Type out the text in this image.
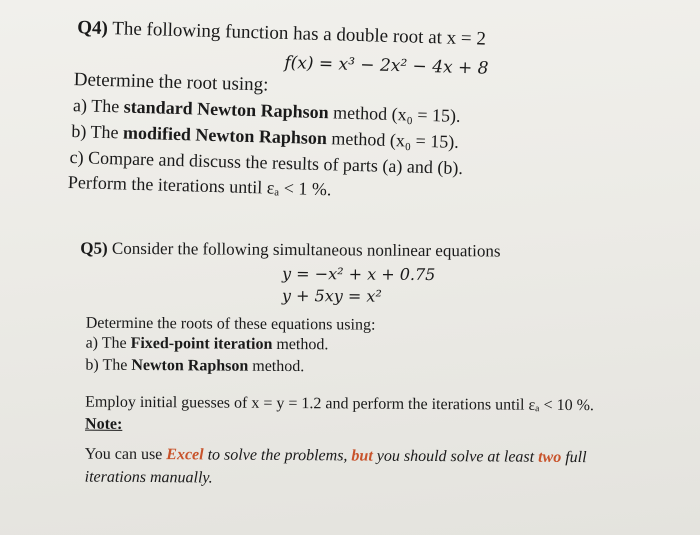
Q4) The following function has a double root at x = 2
f(x) = x³ − 2x² − 4x + 8
Determine the root using:
a) The standard Newton Raphson method (x₀ = 15).
b) The modified Newton Raphson method (x₀ = 15).
c) Compare and discuss the results of parts (a) and (b).
Perform the iterations until εₐ < 1 %.
Q5) Consider the following simultaneous nonlinear equations
y = −x² + x + 0.75
y + 5xy = x²
Determine the roots of these equations using:
a) The Fixed-point iteration method.
b) The Newton Raphson method.
Employ initial guesses of x = y = 1.2 and perform the iterations until εₐ < 10 %.
Note:
You can use Excel to solve the problems, but you should solve at least two full
iterations manually.
